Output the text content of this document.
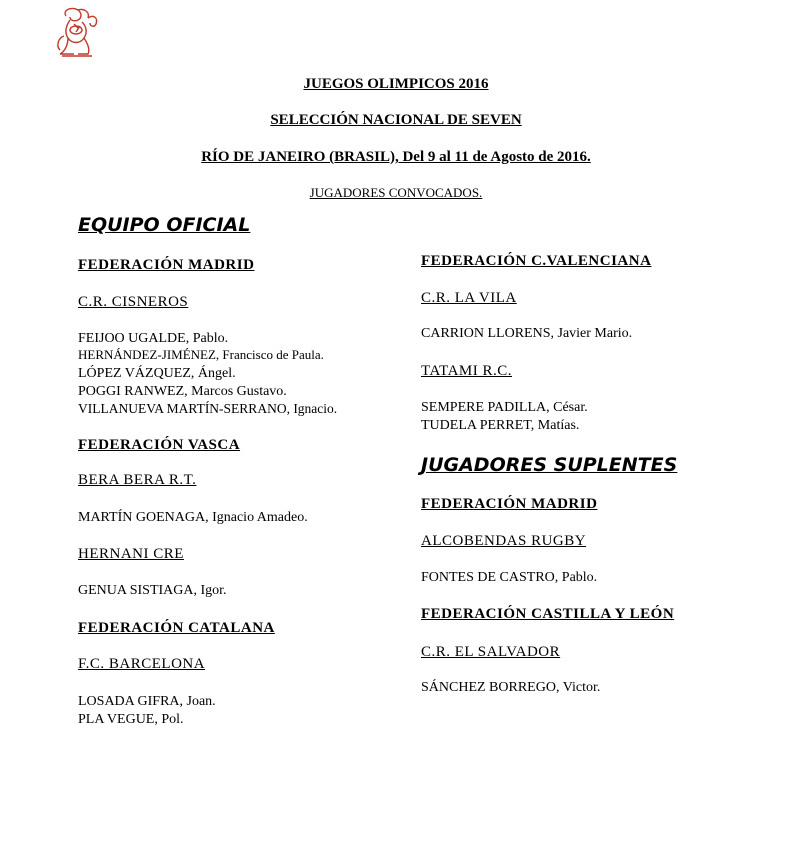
JUEGOS OLIMPICOS 2016
SELECCIÓN NACIONAL DE SEVEN
RÍO DE JANEIRO (BRASIL), Del 9 al 11 de Agosto de 2016.
JUGADORES CONVOCADOS.
EQUIPO OFICIAL
FEDERACIÓN MADRID
C.R. CISNEROS
FEIJOO UGALDE, Pablo.
HERNÁNDEZ-JIMÉNEZ, Francisco de Paula.
LÓPEZ VÁZQUEZ, Ángel.
POGGI RANWEZ, Marcos Gustavo.
VILLANUEVA MARTÍN-SERRANO, Ignacio.
FEDERACIÓN VASCA
BERA BERA R.T.
MARTÍN GOENAGA, Ignacio Amadeo.
HERNANI CRE
GENUA SISTIAGA, Igor.
FEDERACIÓN CATALANA
F.C. BARCELONA
LOSADA GIFRA, Joan.
PLA VEGUE, Pol.
FEDERACIÓN C.VALENCIANA
C.R. LA VILA
CARRION LLORENS, Javier Mario.
TATAMI R.C.
SEMPERE PADILLA, César.
TUDELA PERRET, Matías.
JUGADORES SUPLENTES
FEDERACIÓN MADRID
ALCOBENDAS RUGBY
FONTES DE CASTRO, Pablo.
FEDERACIÓN CASTILLA Y LEÓN
C.R. EL SALVADOR
SÁNCHEZ BORREGO, Victor.
